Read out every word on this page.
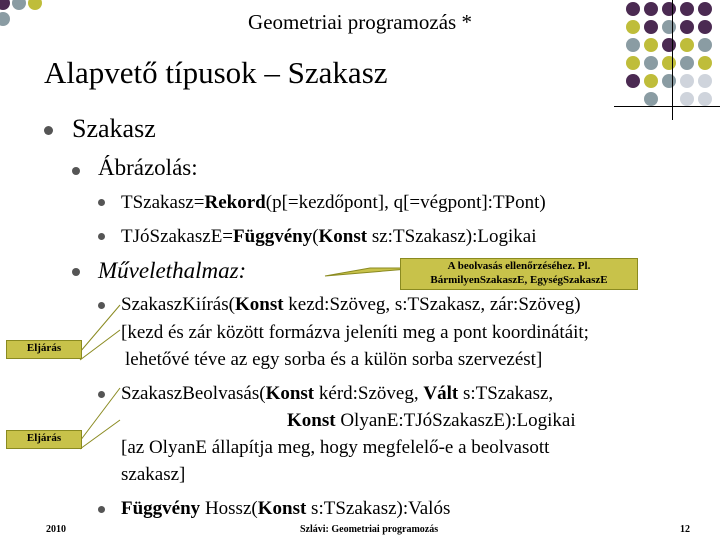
Geometriai programozás *
Alapvető típusok – Szakasz
Szakasz
Ábrázolás:
TSzakasz=Rekord(p[=kezdőpont], q[=végpont]:TPont)
TJóSzakaszE=Függvény(Konst sz:TSzakasz):Logikai
Művelethalmaz:	A beolvasás ellenőrzéséhez. Pl.
BármilyenSzakaszE, EgységSzakaszE
SzakaszKiírás(Konst kezd:Szöveg, s:TSzakasz, zár:Szöveg)
[kezd és zár között formázva jeleníti meg a pont koordinátáit;
lehetővé téve az egy sorba és a külön sorba szervezést]
SzakaszBeolvasás(Konst kérd:Szöveg, Vált s:TSzakasz,
Konst OlyanE:TJóSzakaszE):Logikai
[az OlyanE állapítja meg, hogy megfelelő-e a beolvasott
szakasz]
Függvény Hossz(Konst s:TSzakasz):Valós
Eljárás
Eljárás
2010	Szlávi: Geometriai programozás	12
